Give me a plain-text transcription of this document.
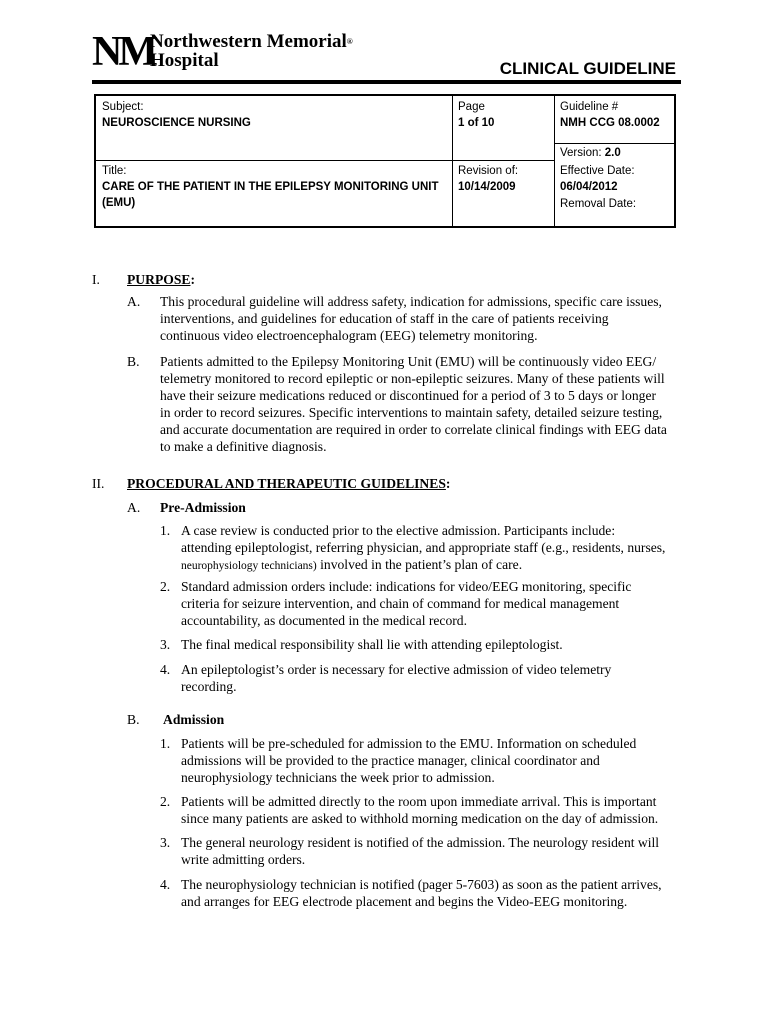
NM
Northwestern Memorial®
Hospital	CLINICAL GUIDELINE
Subject:
NEUROSCIENCE NURSING
Page
1 of 10
Guideline #
NMH CCG 08.0002
Version: 2.0
Title:
CARE OF THE PATIENT IN THE EPILEPSY MONITORING UNIT
(EMU)
Revision of:
10/14/2009
Effective Date:
06/04/2012
Removal Date:
I. PURPOSE:
A. This procedural guideline will address safety, indication for admissions, specific care issues,
interventions, and guidelines for education of staff in the care of patients receiving
continuous video electroencephalogram (EEG) telemetry monitoring.
B. Patients admitted to the Epilepsy Monitoring Unit (EMU) will be continuously video EEG/
telemetry monitored to record epileptic or non-epileptic seizures. Many of these patients will
have their seizure medications reduced or discontinued for a period of 3 to 5 days or longer
in order to record seizures. Specific interventions to maintain safety, detailed seizure testing,
and accurate documentation are required in order to correlate clinical findings with EEG data
to make a definitive diagnosis.
II. PROCEDURAL AND THERAPEUTIC GUIDELINES:
A. Pre-Admission
1. A case review is conducted prior to the elective admission. Participants include:
attending epileptologist, referring physician, and appropriate staff (e.g., residents, nurses,
neurophysiology technicians) involved in the patient’s plan of care.
2. Standard admission orders include: indications for video/EEG monitoring, specific
criteria for seizure intervention, and chain of command for medical management
accountability, as documented in the medical record.
3. The final medical responsibility shall lie with attending epileptologist.
4. An epileptologist’s order is necessary for elective admission of video telemetry
recording.
B. Admission
1. Patients will be pre-scheduled for admission to the EMU. Information on scheduled
admissions will be provided to the practice manager, clinical coordinator and
neurophysiology technicians the week prior to admission.
2. Patients will be admitted directly to the room upon immediate arrival. This is important
since many patients are asked to withhold morning medication on the day of admission.
3. The general neurology resident is notified of the admission. The neurology resident will
write admitting orders.
4. The neurophysiology technician is notified (pager 5-7603) as soon as the patient arrives,
and arranges for EEG electrode placement and begins the Video-EEG monitoring.
